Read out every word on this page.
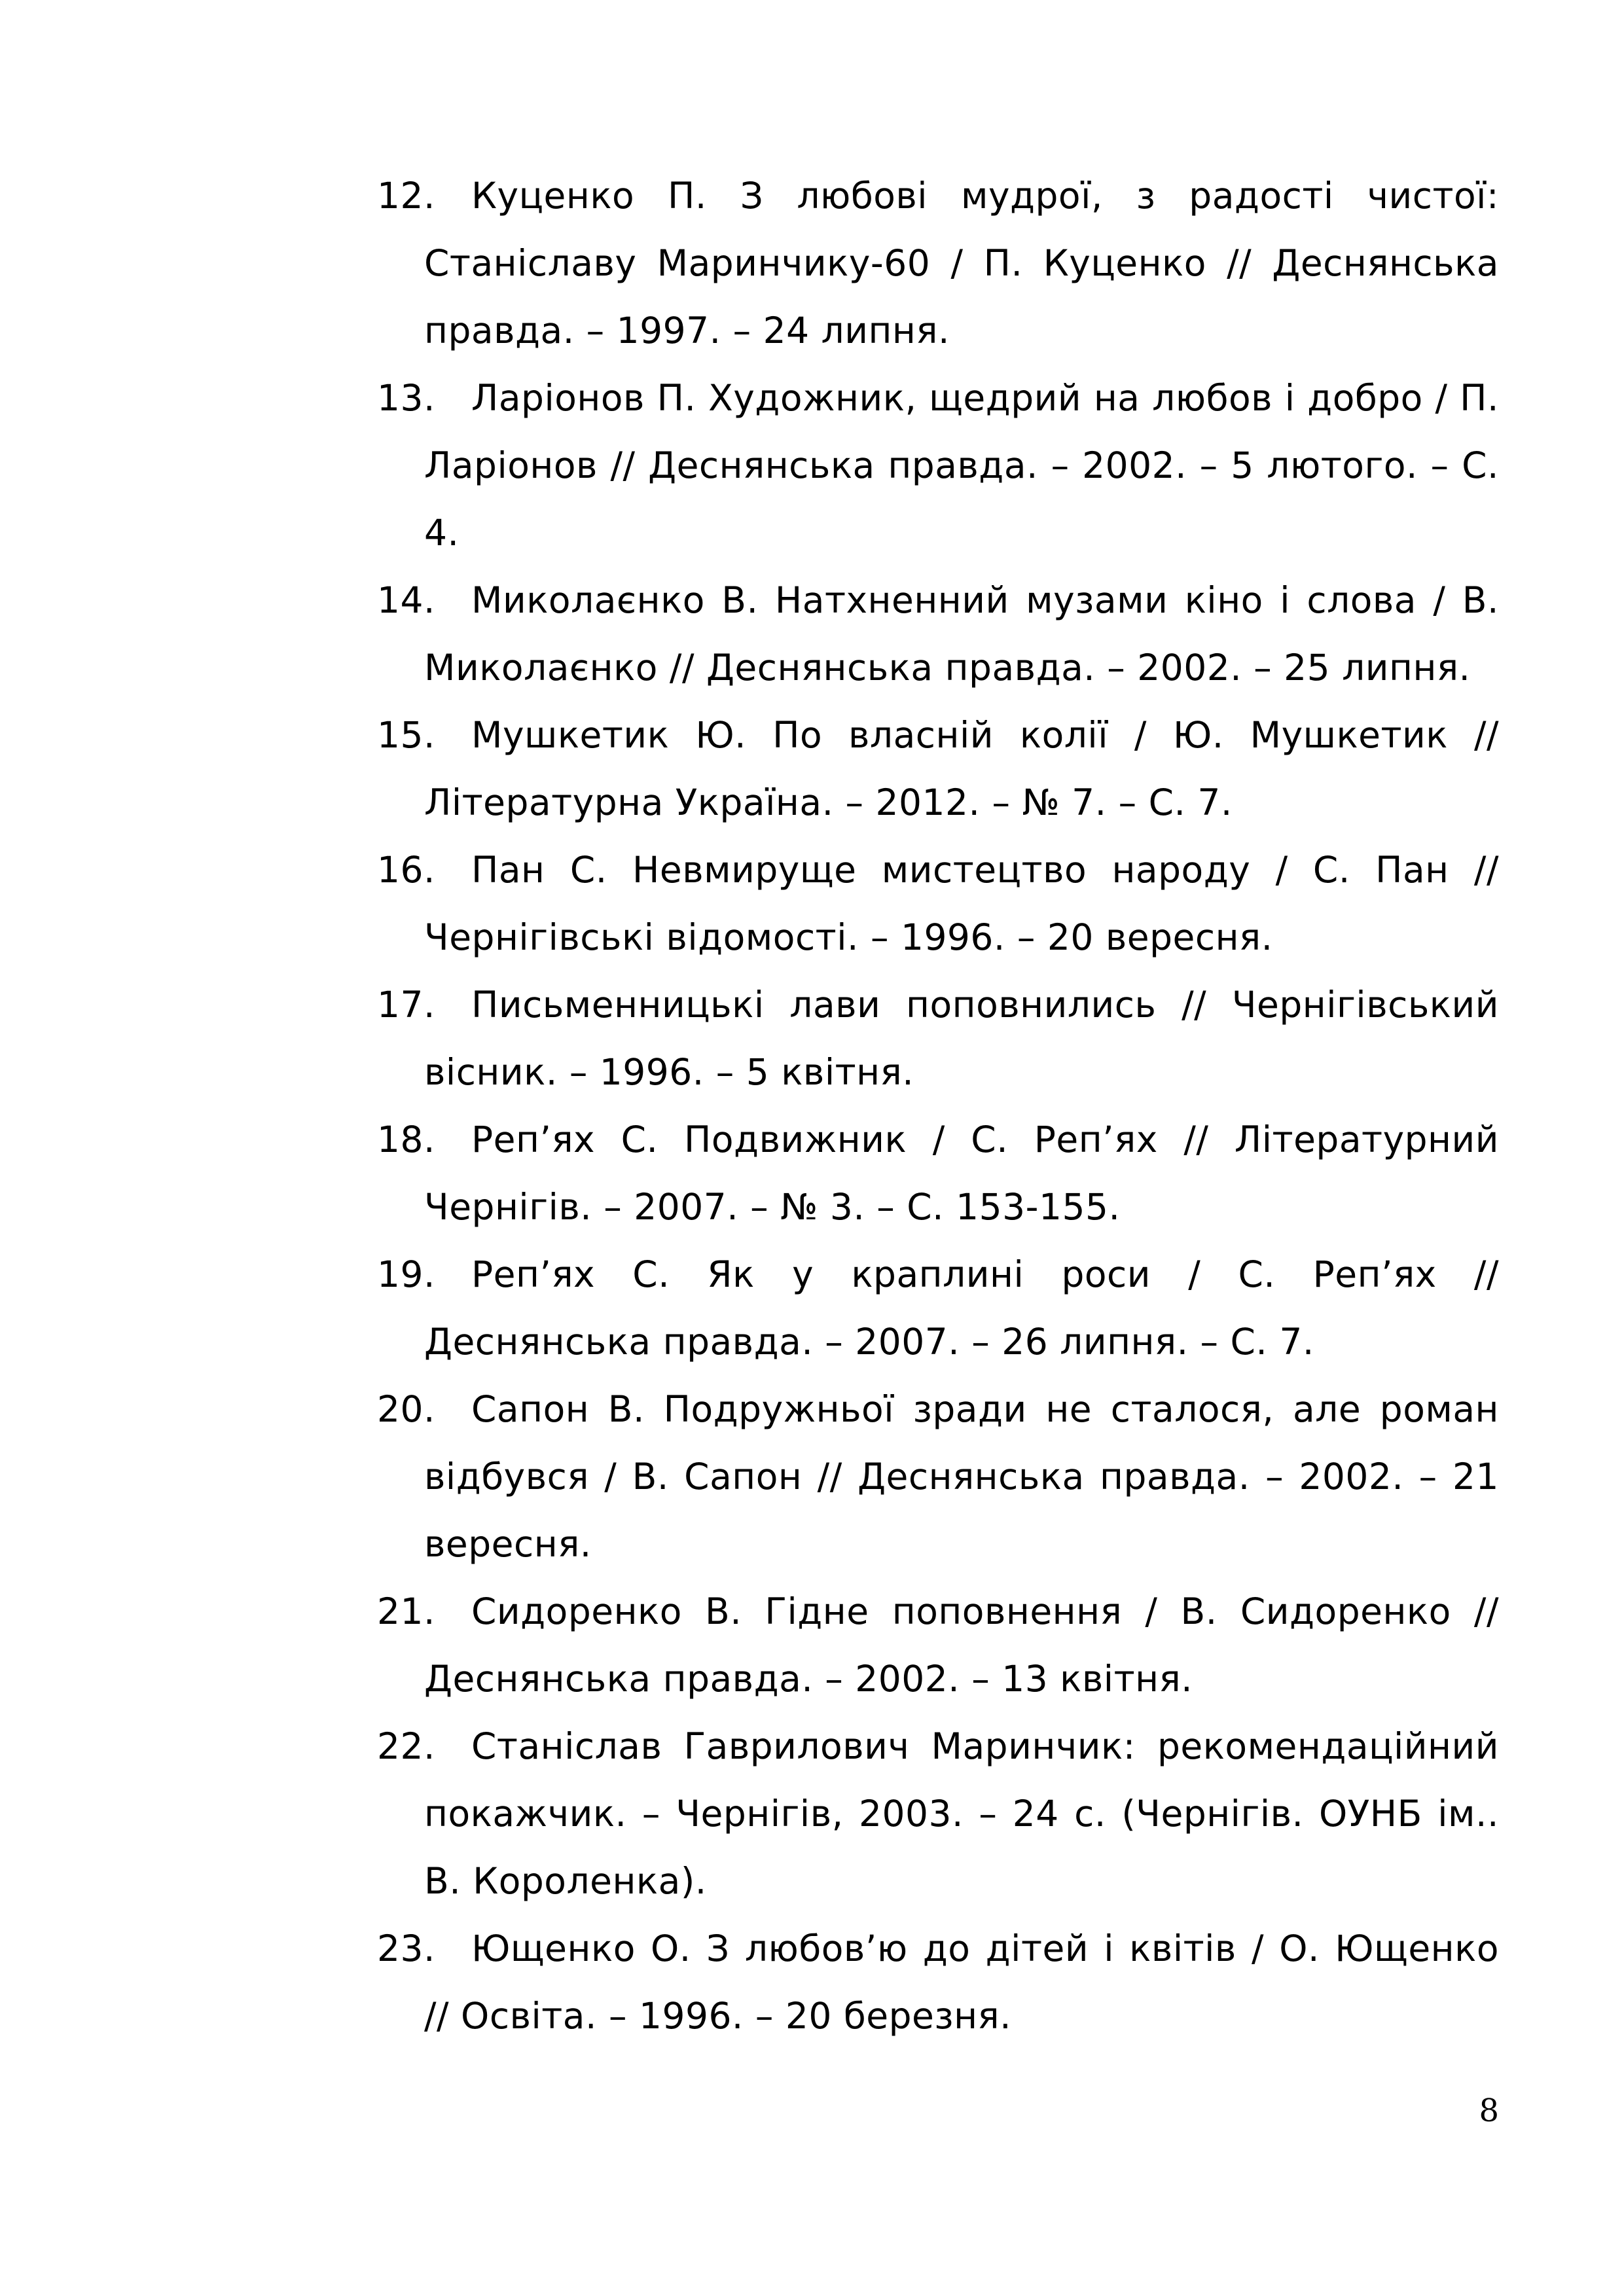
12. Куценко П. З любові мудрої, з радості чистої: Станіславу Маринчику-60 / П. Куценко // Деснянська правда. – 1997. – 24 липня.
13. Ларіонов П. Художник, щедрий на любов і добро / П. Ларіонов // Деснянська правда. – 2002. – 5 лютого. – С. 4.
14. Миколаєнко В. Натхненний музами кіно і слова / В. Миколаєнко // Деснянська правда. – 2002. – 25 липня.
15. Мушкетик Ю. По власній колії / Ю. Мушкетик // Літературна Україна. – 2012. – № 7. – С. 7.
16. Пан С. Невмируще мистецтво народу / С. Пан // Чернігівські відомості. – 1996. – 20 вересня.
17. Письменницькі лави поповнились // Чернігівський вісник. – 1996. – 5 квітня.
18. Реп’ях С. Подвижник / С. Реп’ях // Літературний Чернігів. – 2007. – № 3. – С. 153-155.
19. Реп’ях С. Як у краплині роси / С. Реп’ях // Деснянська правда. – 2007. – 26 липня. – С. 7.
20. Сапон В. Подружньої зради не сталося, але роман відбувся / В. Сапон // Деснянська правда. – 2002. – 21 вересня.
21. Сидоренко В. Гідне поповнення / В. Сидоренко // Деснянська правда. – 2002. – 13 квітня.
22. Станіслав Гаврилович Маринчик: рекомендаційний покажчик. – Чернігів, 2003. – 24 с. (Чернігів. ОУНБ ім.. В. Короленка).
23. Ющенко О. З любов’ю до дітей і квітів / О. Ющенко // Освіта. – 1996. – 20 березня.
8
